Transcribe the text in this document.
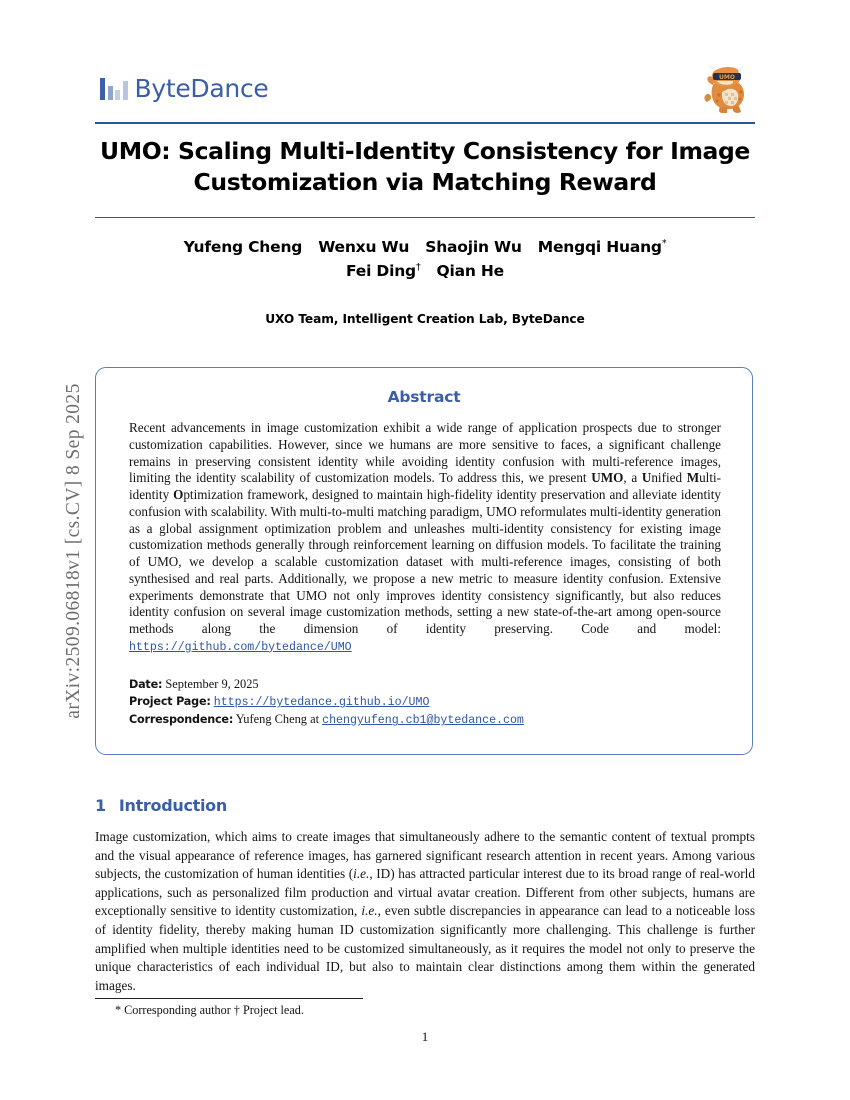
arXiv:2509.06818v1 [cs.CV] 8 Sep 2025
ByteDance	UMO
UMO: Scaling Multi-Identity Consistency for Image Customization via Matching Reward
Yufeng Cheng Wenxu Wu Shaojin Wu Mengqi Huang*
Fei Ding† Qian He
UXO Team, Intelligent Creation Lab, ByteDance
Abstract
Recent advancements in image customization exhibit a wide range of application prospects due to stronger customization capabilities. However, since we humans are more sensitive to faces, a significant challenge remains in preserving consistent identity while avoiding identity confusion with multi-reference images, limiting the identity scalability of customization models. To address this, we present UMO, a Unified Multi-identity Optimization framework, designed to maintain high-fidelity identity preservation and alleviate identity confusion with scalability. With multi-to-multi matching paradigm, UMO reformulates multi-identity generation as a global assignment optimization problem and unleashes multi-identity consistency for existing image customization methods generally through reinforcement learning on diffusion models. To facilitate the training of UMO, we develop a scalable customization dataset with multi-reference images, consisting of both synthesised and real parts. Additionally, we propose a new metric to measure identity confusion. Extensive experiments demonstrate that UMO not only improves identity consistency significantly, but also reduces identity confusion on several image customization methods, setting a new state-of-the-art among open-source methods along the dimension of identity preserving. Code and model: https://github.com/bytedance/UMO
Date: September 9, 2025
Project Page: https://bytedance.github.io/UMO
Correspondence: Yufeng Cheng at chengyufeng.cb1@bytedance.com
1 Introduction
Image customization, which aims to create images that simultaneously adhere to the semantic content of textual prompts and the visual appearance of reference images, has garnered significant research attention in recent years. Among various subjects, the customization of human identities (i.e., ID) has attracted particular interest due to its broad range of real-world applications, such as personalized film production and virtual avatar creation. Different from other subjects, humans are exceptionally sensitive to identity customization, i.e., even subtle discrepancies in appearance can lead to a noticeable loss of identity fidelity, thereby making human ID customization significantly more challenging. This challenge is further amplified when multiple identities need to be customized simultaneously, as it requires the model not only to preserve the unique characteristics of each individual ID, but also to maintain clear distinctions among them within the generated images.
* Corresponding author † Project lead.
1
